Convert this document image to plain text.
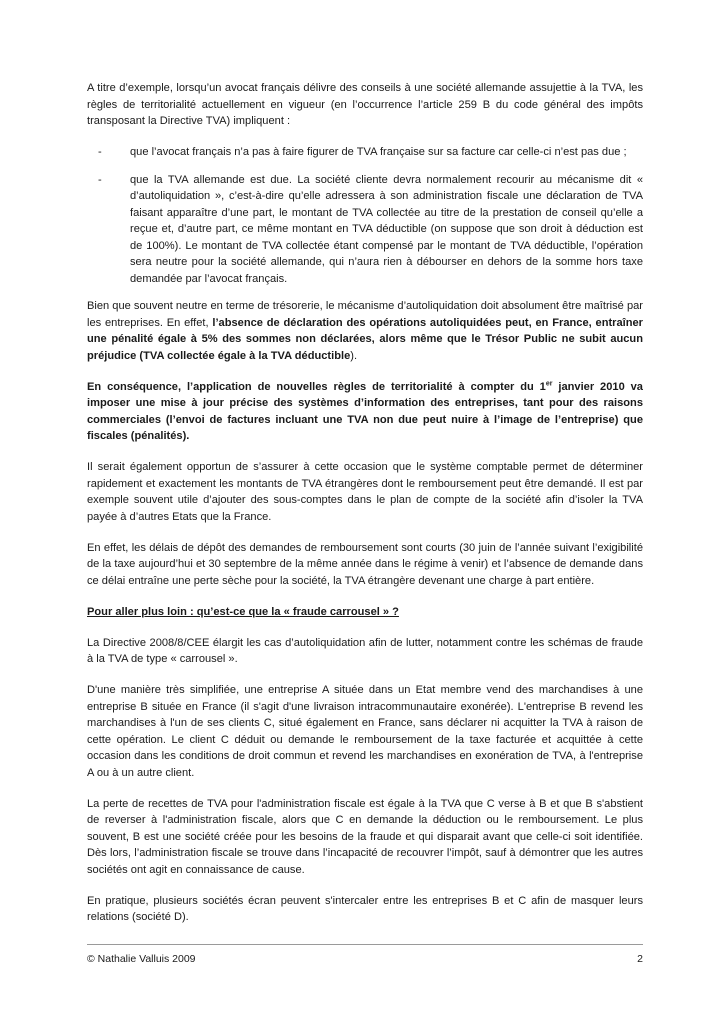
A titre d’exemple, lorsqu’un avocat français délivre des conseils à une société allemande assujettie à la TVA, les règles de territorialité actuellement en vigueur (en l’occurrence l’article 259 B du code général des impôts transposant la Directive TVA) impliquent :

-	que l’avocat français n’a pas à faire figurer de TVA française sur sa facture car celle-ci n’est pas due ;
-	que la TVA allemande est due. La société cliente devra normalement recourir au mécanisme dit « d’autoliquidation », c’est-à-dire qu’elle adressera à son administration fiscale une déclaration de TVA faisant apparaître d’une part, le montant de TVA collectée au titre de la prestation de conseil qu’elle a reçue et, d’autre part, ce même montant en TVA déductible (on suppose que son droit à déduction est de 100%). Le montant de TVA collectée étant compensé par le montant de TVA déductible, l’opération sera neutre pour la société allemande, qui n’aura rien à débourser en dehors de la somme hors taxe demandée par l’avocat français.

Bien que souvent neutre en terme de trésorerie, le mécanisme d’autoliquidation doit absolument être maîtrisé par les entreprises. En effet, l’absence de déclaration des opérations autoliquidées peut, en France, entraîner une pénalité égale à 5% des sommes non déclarées, alors même que le Trésor Public ne subit aucun préjudice (TVA collectée égale à la TVA déductible).

En conséquence, l’application de nouvelles règles de territorialité à compter du 1er janvier 2010 va imposer une mise à jour précise des systèmes d’information des entreprises, tant pour des raisons commerciales (l’envoi de factures incluant une TVA non due peut nuire à l’image de l’entreprise) que fiscales (pénalités).

Il serait également opportun de s’assurer à cette occasion que le système comptable permet de déterminer rapidement et exactement les montants de TVA étrangères dont le remboursement peut être demandé. Il est par exemple souvent utile d’ajouter des sous-comptes dans le plan de compte de la société afin d’isoler la TVA payée à d’autres Etats que la France.

En effet, les délais de dépôt des demandes de remboursement sont courts (30 juin de l’année suivant l’exigibilité de la taxe aujourd’hui et 30 septembre de la même année dans le régime à venir) et l’absence de demande dans ce délai entraîne une perte sèche pour la société, la TVA étrangère devenant une charge à part entière.

Pour aller plus loin : qu’est-ce que la « fraude carrousel » ?

La Directive 2008/8/CEE élargit les cas d’autoliquidation afin de lutter, notamment contre les schémas de fraude à la TVA de type « carrousel ».

D'une manière très simplifiée, une entreprise A située dans un Etat membre vend des marchandises à une entreprise B située en France (il s'agit d'une livraison intracommunautaire exonérée). L'entreprise B revend les marchandises à l'un de ses clients C, situé également en France, sans déclarer ni acquitter la TVA à raison de cette opération. Le client C déduit ou demande le remboursement de la taxe facturée et acquittée à cette occasion dans les conditions de droit commun et revend les marchandises en exonération de TVA, à l'entreprise A ou à un autre client.

La perte de recettes de TVA pour l'administration fiscale est égale à la TVA que C verse à B et que B s'abstient de reverser à l'administration fiscale, alors que C en demande la déduction ou le remboursement. Le plus souvent, B est une société créée pour les besoins de la fraude et qui disparait avant que celle-ci soit identifiée. Dès lors, l’administration fiscale se trouve dans l’incapacité de recouvrer l’impôt, sauf à démontrer que les autres sociétés ont agit en connaissance de cause.

En pratique, plusieurs sociétés écran peuvent s'intercaler entre les entreprises B et C afin de masquer leurs relations (société D).

© Nathalie Valluis 2009	2
